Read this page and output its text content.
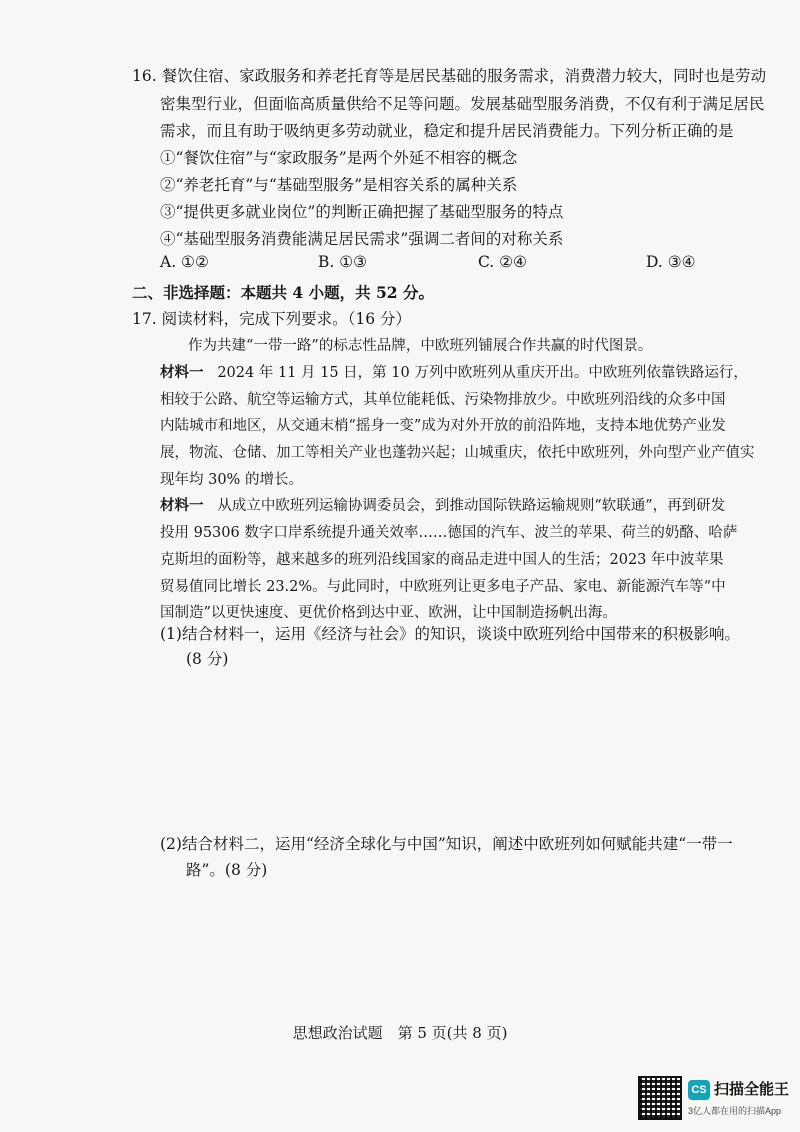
16. 餐饮住宿、家政服务和养老托育等是居民基础的服务需求，消费潜力较大，同时也是劳动
密集型行业，但面临高质量供给不足等问题。发展基础型服务消费，不仅有利于满足居民
需求，而且有助于吸纳更多劳动就业，稳定和提升居民消费能力。下列分析正确的是
①“餐饮住宿”与“家政服务”是两个外延不相容的概念
②“养老托育”与“基础型服务”是相容关系的属种关系
③“提供更多就业岗位”的判断正确把握了基础型服务的特点
④“基础型服务消费能满足居民需求”强调二者间的对称关系
A. ①②	B. ①③	C. ②④	D. ③④
二、非选择题：本题共 4 小题，共 52 分。
17. 阅读材料，完成下列要求。（16 分）
作为共建“一带一路”的标志性品牌，中欧班列铺展合作共赢的时代图景。
材料一 2024 年 11 月 15 日，第 10 万列中欧班列从重庆开出。中欧班列依靠铁路运行，
相较于公路、航空等运输方式，其单位能耗低、污染物排放少。中欧班列沿线的众多中国
内陆城市和地区，从交通末梢“摇身一变”成为对外开放的前沿阵地，支持本地优势产业发
展，物流、仓储、加工等相关产业也蓬勃兴起；山城重庆，依托中欧班列，外向型产业产值实
现年均 30% 的增长。
材料一 从成立中欧班列运输协调委员会，到推动国际铁路运输规则“软联通”，再到研发
投用 95306 数字口岸系统提升通关效率……德国的汽车、波兰的苹果、荷兰的奶酪、哈萨
克斯坦的面粉等，越来越多的班列沿线国家的商品走进中国人的生活；2023 年中波苹果
贸易值同比增长 23.2%。与此同时，中欧班列让更多电子产品、家电、新能源汽车等“中
国制造”以更快速度、更优价格到达中亚、欧洲，让中国制造扬帆出海。
(1)结合材料一，运用《经济与社会》的知识，谈谈中欧班列给中国带来的积极影响。
(8 分)
(2)结合材料二，运用“经济全球化与中国”知识，阐述中欧班列如何赋能共建“一带一
路”。(8 分)
思想政治试题　第 5 页(共 8 页)
CS 扫描全能王
3亿人都在用的扫描App
